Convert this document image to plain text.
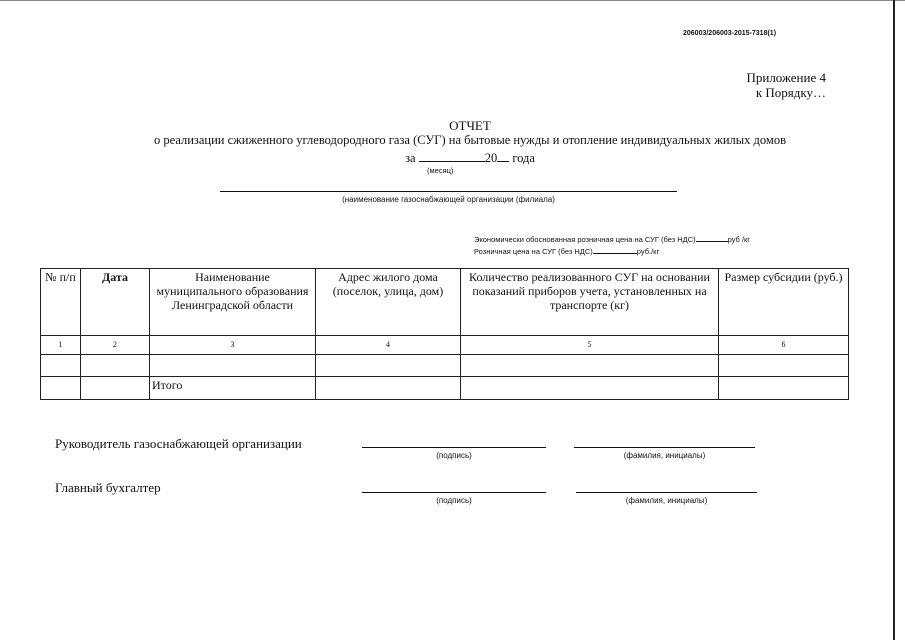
206003/206003-2015-7318(1)
Приложение 4
к Порядку…
ОТЧЕТ
о реализации сжиженного углеводородного газа (СУГ) на бытовые нужды и отопление индивидуальных жилых домов
за	20 года
(месяц)
(наименование газоснабжающей организации (филиала)
Экономически обоснованная розничная цена на СУГ (без НДС)	руб /кг
Розничная цена на СУГ (без НДС)	руб./кг
№ п/п	Дата	Наименование муниципального образования Ленинградской области	Адрес жилого дома (поселок, улица, дом)	Количество реализованного СУГ на основании показаний приборов учета, установленных на транспорте (кг)	Размер субсидии (руб.)
1	2	3	4	5	6

		Итого			
Руководитель газоснабжающей организации
(подпись)	(фамилия, инициалы)
Главный бухгалтер
(подпись)	(фамилия, инициалы)
